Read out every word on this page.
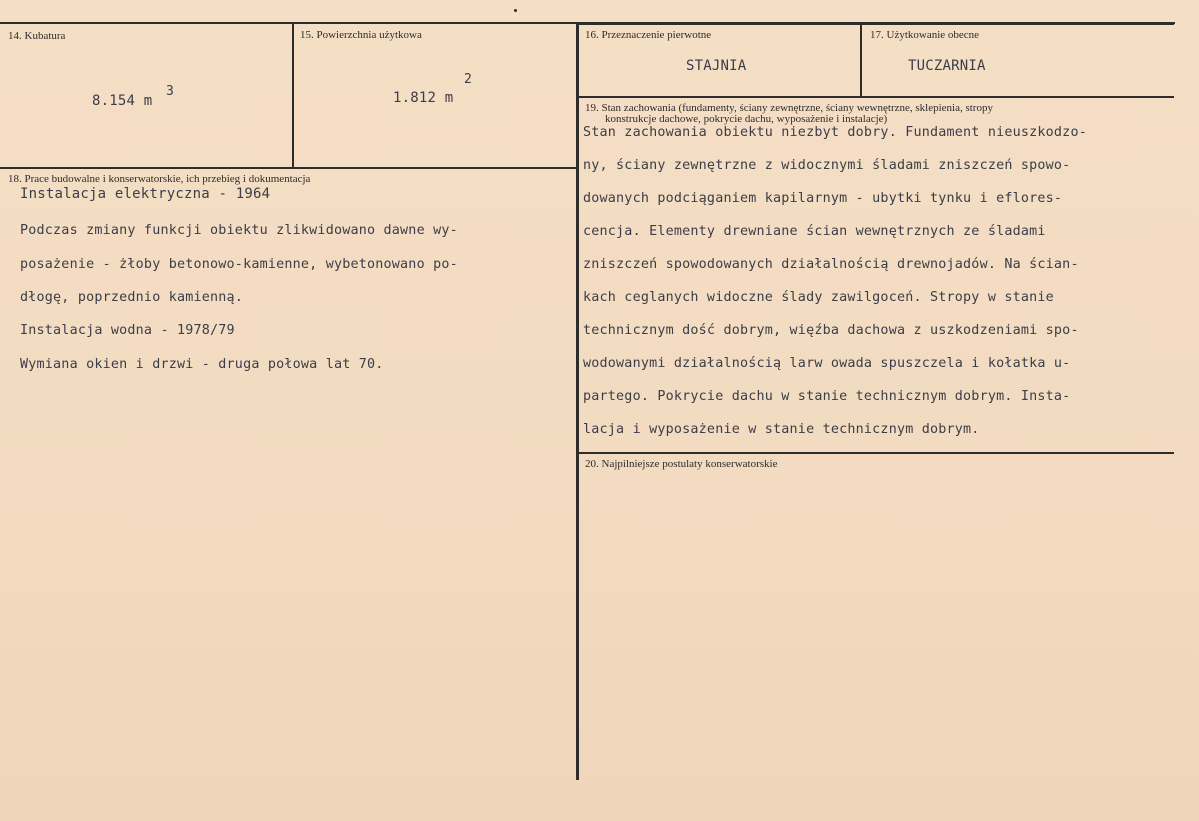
14. Kubatura
8.154 m
3
15. Powierzchnia użytkowa
1.812 m
2
16. Przeznaczenie pierwotne
STAJNIA
17. Użytkowanie obecne
TUCZARNIA
19. Stan zachowania (fundamenty, ściany zewnętrzne, ściany wewnętrzne, sklepienia, stropy
konstrukcje dachowe, pokrycie dachu, wyposażenie i instalacje)
Stan zachowania obiektu niezbyt dobry. Fundament nieuszkodzo-
ny, ściany zewnętrzne z widocznymi śladami zniszczeń spowo-
dowanych podciąganiem kapilarnym - ubytki tynku i eflores-
cencja. Elementy drewniane ścian wewnętrznych ze śladami
zniszczeń spowodowanych działalnością drewnojadów. Na ścian-
kach ceglanych widoczne ślady zawilgoceń. Stropy w stanie
technicznym dość dobrym, więźba dachowa z uszkodzeniami spo-
wodowanymi działalnością larw owada spuszczela i kołatka u-
partego. Pokrycie dachu w stanie technicznym dobrym. Insta-
lacja i wyposażenie w stanie technicznym dobrym.
18. Prace budowalne i konserwatorskie, ich przebieg i dokumentacja
Instalacja elektryczna - 1964
Podczas zmiany funkcji obiektu zlikwidowano dawne wy-
posażenie - żłoby betonowo-kamienne, wybetonowano po-
dłogę, poprzednio kamienną.
Instalacja wodna - 1978/79
Wymiana okien i drzwi - druga połowa lat 70.
20. Najpilniejsze postulaty konserwatorskie
